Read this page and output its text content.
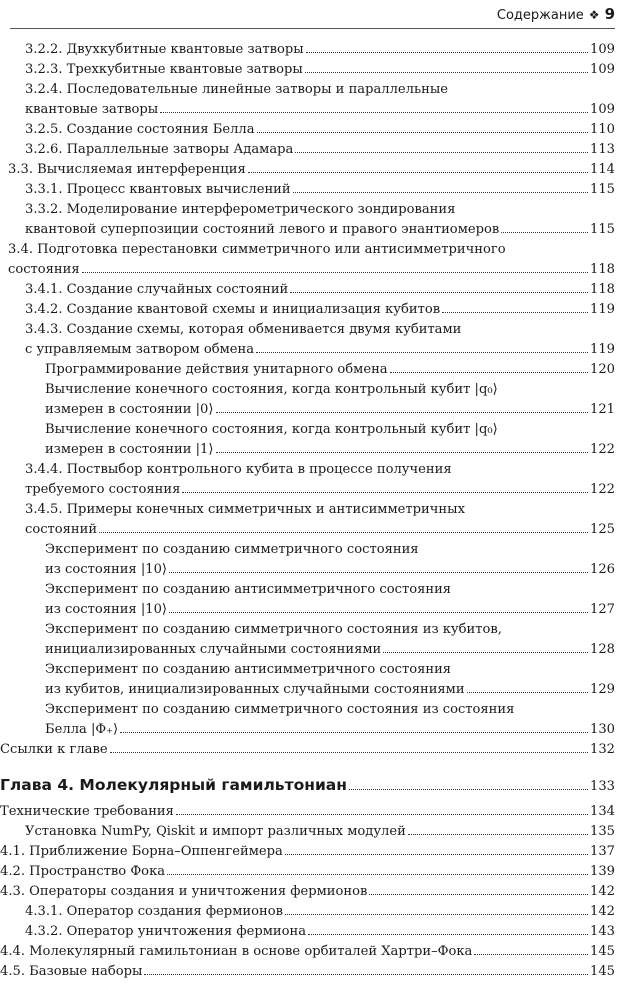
Содержание ❖ 9
3.2.2. Двухкубитные квантовые затворы	109
3.2.3. Трехкубитные квантовые затворы	109
3.2.4. Последовательные линейные затворы и параллельные
квантовые затворы	109
3.2.5. Создание состояния Белла	110
3.2.6. Параллельные затворы Адамара	113
3.3. Вычисляемая интерференция	114
3.3.1. Процесс квантовых вычислений	115
3.3.2. Моделирование интерферометрического зондирования
квантовой суперпозиции состояний левого и правого энантиомеров	115
3.4. Подготовка перестановки симметричного или антисимметричного
состояния	118
3.4.1. Создание случайных состояний	118
3.4.2. Создание квантовой схемы и инициализация кубитов	119
3.4.3. Создание схемы, которая обменивается двумя кубитами
с управляемым затвором обмена	119
Программирование действия унитарного обмена	120
Вычисление конечного состояния, когда контрольный кубит |q₀⟩
измерен в состоянии |0⟩	121
Вычисление конечного состояния, когда контрольный кубит |q₀⟩
измерен в состоянии |1⟩	122
3.4.4. Поствыбор контрольного кубита в процессе получения
требуемого состояния	122
3.4.5. Примеры конечных симметричных и антисимметричных
состояний	125
Эксперимент по созданию симметричного состояния
из состояния |10⟩	126
Эксперимент по созданию антисимметричного состояния
из состояния |10⟩	127
Эксперимент по созданию симметричного состояния из кубитов,
инициализированных случайными состояниями	128
Эксперимент по созданию антисимметричного состояния
из кубитов, инициализированных случайными состояниями	129
Эксперимент по созданию симметричного состояния из состояния
Белла |Φ₊⟩	130
Ссылки к главе	132
Глава 4. Молекулярный гамильтониан	133
Технические требования	134
Установка NumPy, Qiskit и импорт различных модулей	135
4.1. Приближение Борна–Оппенгеймера	137
4.2. Пространство Фока	139
4.3. Операторы создания и уничтожения фермионов	142
4.3.1. Оператор создания фермионов	142
4.3.2. Оператор уничтожения фермиона	143
4.4. Молекулярный гамильтониан в основе орбиталей Хартри–Фока	145
4.5. Базовые наборы	145
